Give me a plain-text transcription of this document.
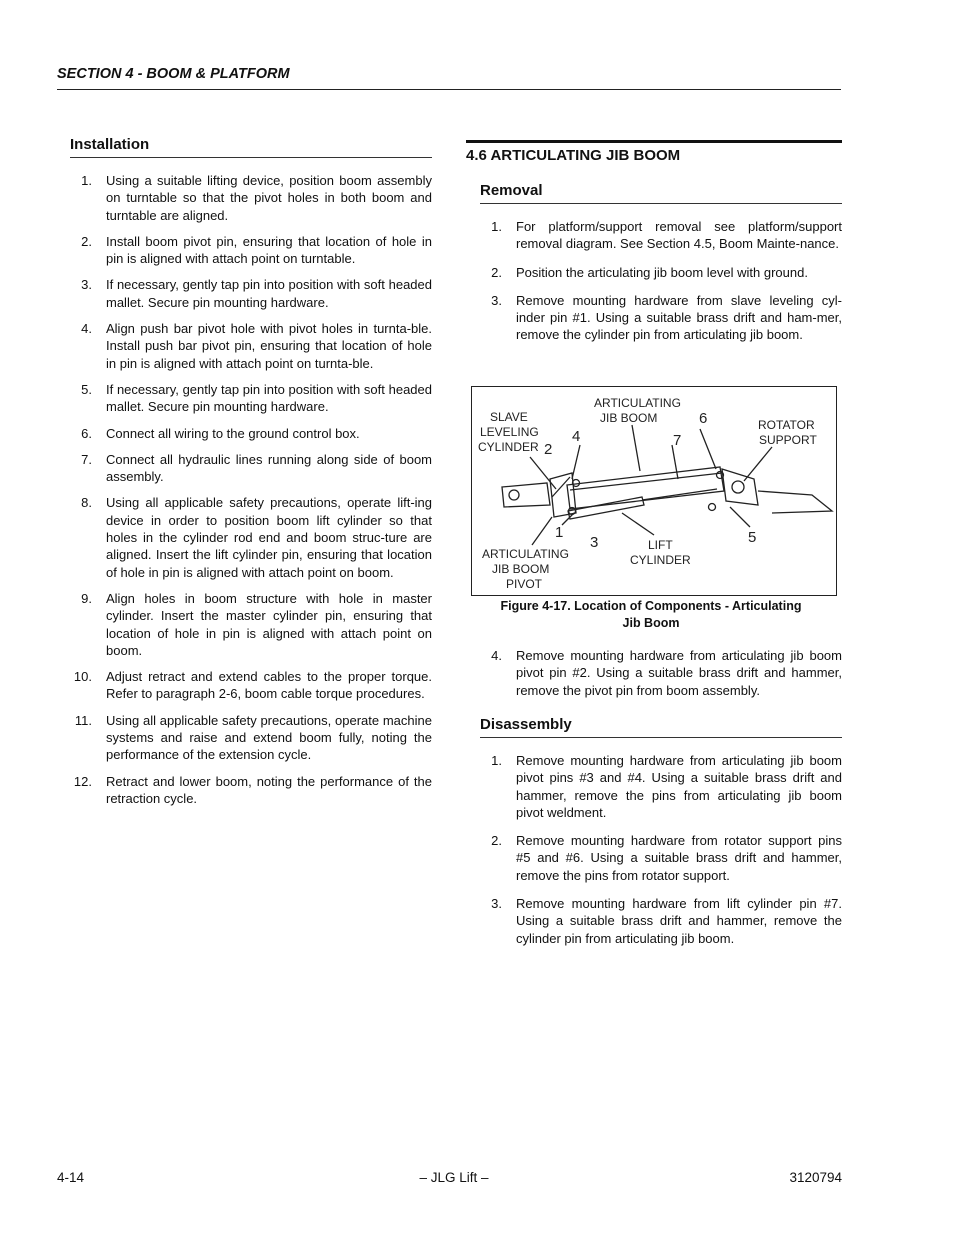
SECTION 4 - BOOM & PLATFORM
Installation
1. Using a suitable lifting device, position boom assembly on turntable so that the pivot holes in both boom and turntable are aligned.
2. Install boom pivot pin, ensuring that location of hole in pin is aligned with attach point on turntable.
3. If necessary, gently tap pin into position with soft headed mallet. Secure pin mounting hardware.
4. Align push bar pivot hole with pivot holes in turnta-ble. Install push bar pivot pin, ensuring that location of hole in pin is aligned with attach point on turnta-ble.
5. If necessary, gently tap pin into position with soft headed mallet. Secure pin mounting hardware.
6. Connect all wiring to the ground control box.
7. Connect all hydraulic lines running along side of boom assembly.
8. Using all applicable safety precautions, operate lift-ing device in order to position boom lift cylinder so that holes in the cylinder rod end and boom struc-ture are aligned. Insert the lift cylinder pin, ensuring that location of hole in pin is aligned with attach point on boom.
9. Align holes in boom structure with hole in master cylinder. Insert the master cylinder pin, ensuring that location of hole in pin is aligned with attach point on boom.
10. Adjust retract and extend cables to the proper torque. Refer to paragraph 2-6, boom cable torque procedures.
11. Using all applicable safety precautions, operate machine systems and raise and extend boom fully, noting the performance of the extension cycle.
12. Retract and lower boom, noting the performance of the retraction cycle.
4.6 ARTICULATING JIB BOOM
Removal
1. For platform/support removal see platform/support removal diagram. See Section 4.5, Boom Mainte-nance.
2. Position the articulating jib boom level with ground.
3. Remove mounting hardware from slave leveling cyl-inder pin #1. Using a suitable brass drift and ham-mer, remove the cylinder pin from articulating jib boom.
SLAVE
LEVELING
CYLINDER
ARTICULATING
JIB BOOM	ROTATOR
SUPPORT
ARTICULATING
JIB BOOM
PIVOT
LIFT
CYLINDER
1
2
3
4
5
6
7
Figure 4-17. Location of Components - Articulating
Jib Boom
4. Remove mounting hardware from articulating jib boom pivot pin #2. Using a suitable brass drift and hammer, remove the pivot pin from boom assembly.
Disassembly
1. Remove mounting hardware from articulating jib boom pivot pins #3 and #4. Using a suitable brass drift and hammer, remove the pins from articulating jib boom pivot weldment.
2. Remove mounting hardware from rotator support pins #5 and #6. Using a suitable brass drift and hammer, remove the pins from rotator support.
3. Remove mounting hardware from lift cylinder pin #7. Using a suitable brass drift and hammer, remove the cylinder pin from articulating jib boom.
4-14	– JLG Lift –	3120794
